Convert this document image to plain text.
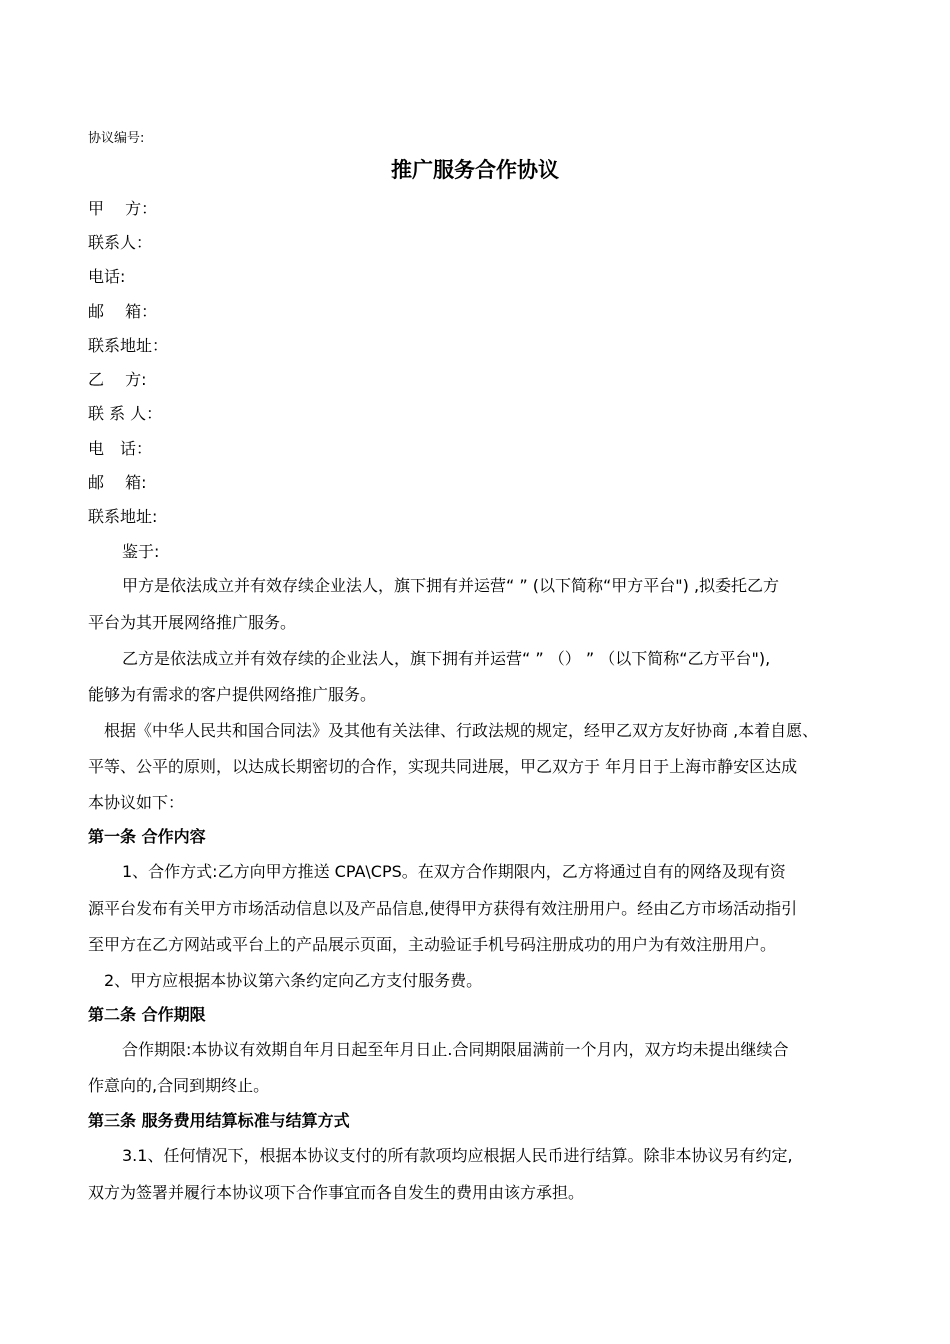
协议编号:
推广服务合作协议
甲　 方：
联系人：
电话:
邮　 箱：
联系地址：
乙　 方:
联 系 人：
电　话：
邮　 箱:
联系地址:
鉴于:
甲方是依法成立并有效存续企业法人，旗下拥有并运营“ ” (以下简称“甲方平台") ,拟委托乙方
平台为其开展网络推广服务。
乙方是依法成立并有效存续的企业法人，旗下拥有并运营“ ” （） ” （以下简称“乙方平台"),
能够为有需求的客户提供网络推广服务。
根据《中华人民共和国合同法》及其他有关法律、行政法规的规定，经甲乙双方友好协商 ,本着自愿、
平等、公平的原则，以达成长期密切的合作，实现共同进展，甲乙双方于 年月日于上海市静安区达成
本协议如下：
第一条 合作内容
1、合作方式:乙方向甲方推送 CPA\CPS。在双方合作期限内，乙方将通过自有的网络及现有资
源平台发布有关甲方市场活动信息以及产品信息,使得甲方获得有效注册用户。经由乙方市场活动指引
至甲方在乙方网站或平台上的产品展示页面，主动验证手机号码注册成功的用户为有效注册用户。
2、甲方应根据本协议第六条约定向乙方支付服务费。
第二条 合作期限
合作期限:本协议有效期自年月日起至年月日止.合同期限届满前一个月内，双方均未提出继续合
作意向的,合同到期终止。
第三条 服务费用结算标准与结算方式
3.1、任何情况下，根据本协议支付的所有款项均应根据人民币进行结算。除非本协议另有约定,
双方为签署并履行本协议项下合作事宜而各自发生的费用由该方承担。
